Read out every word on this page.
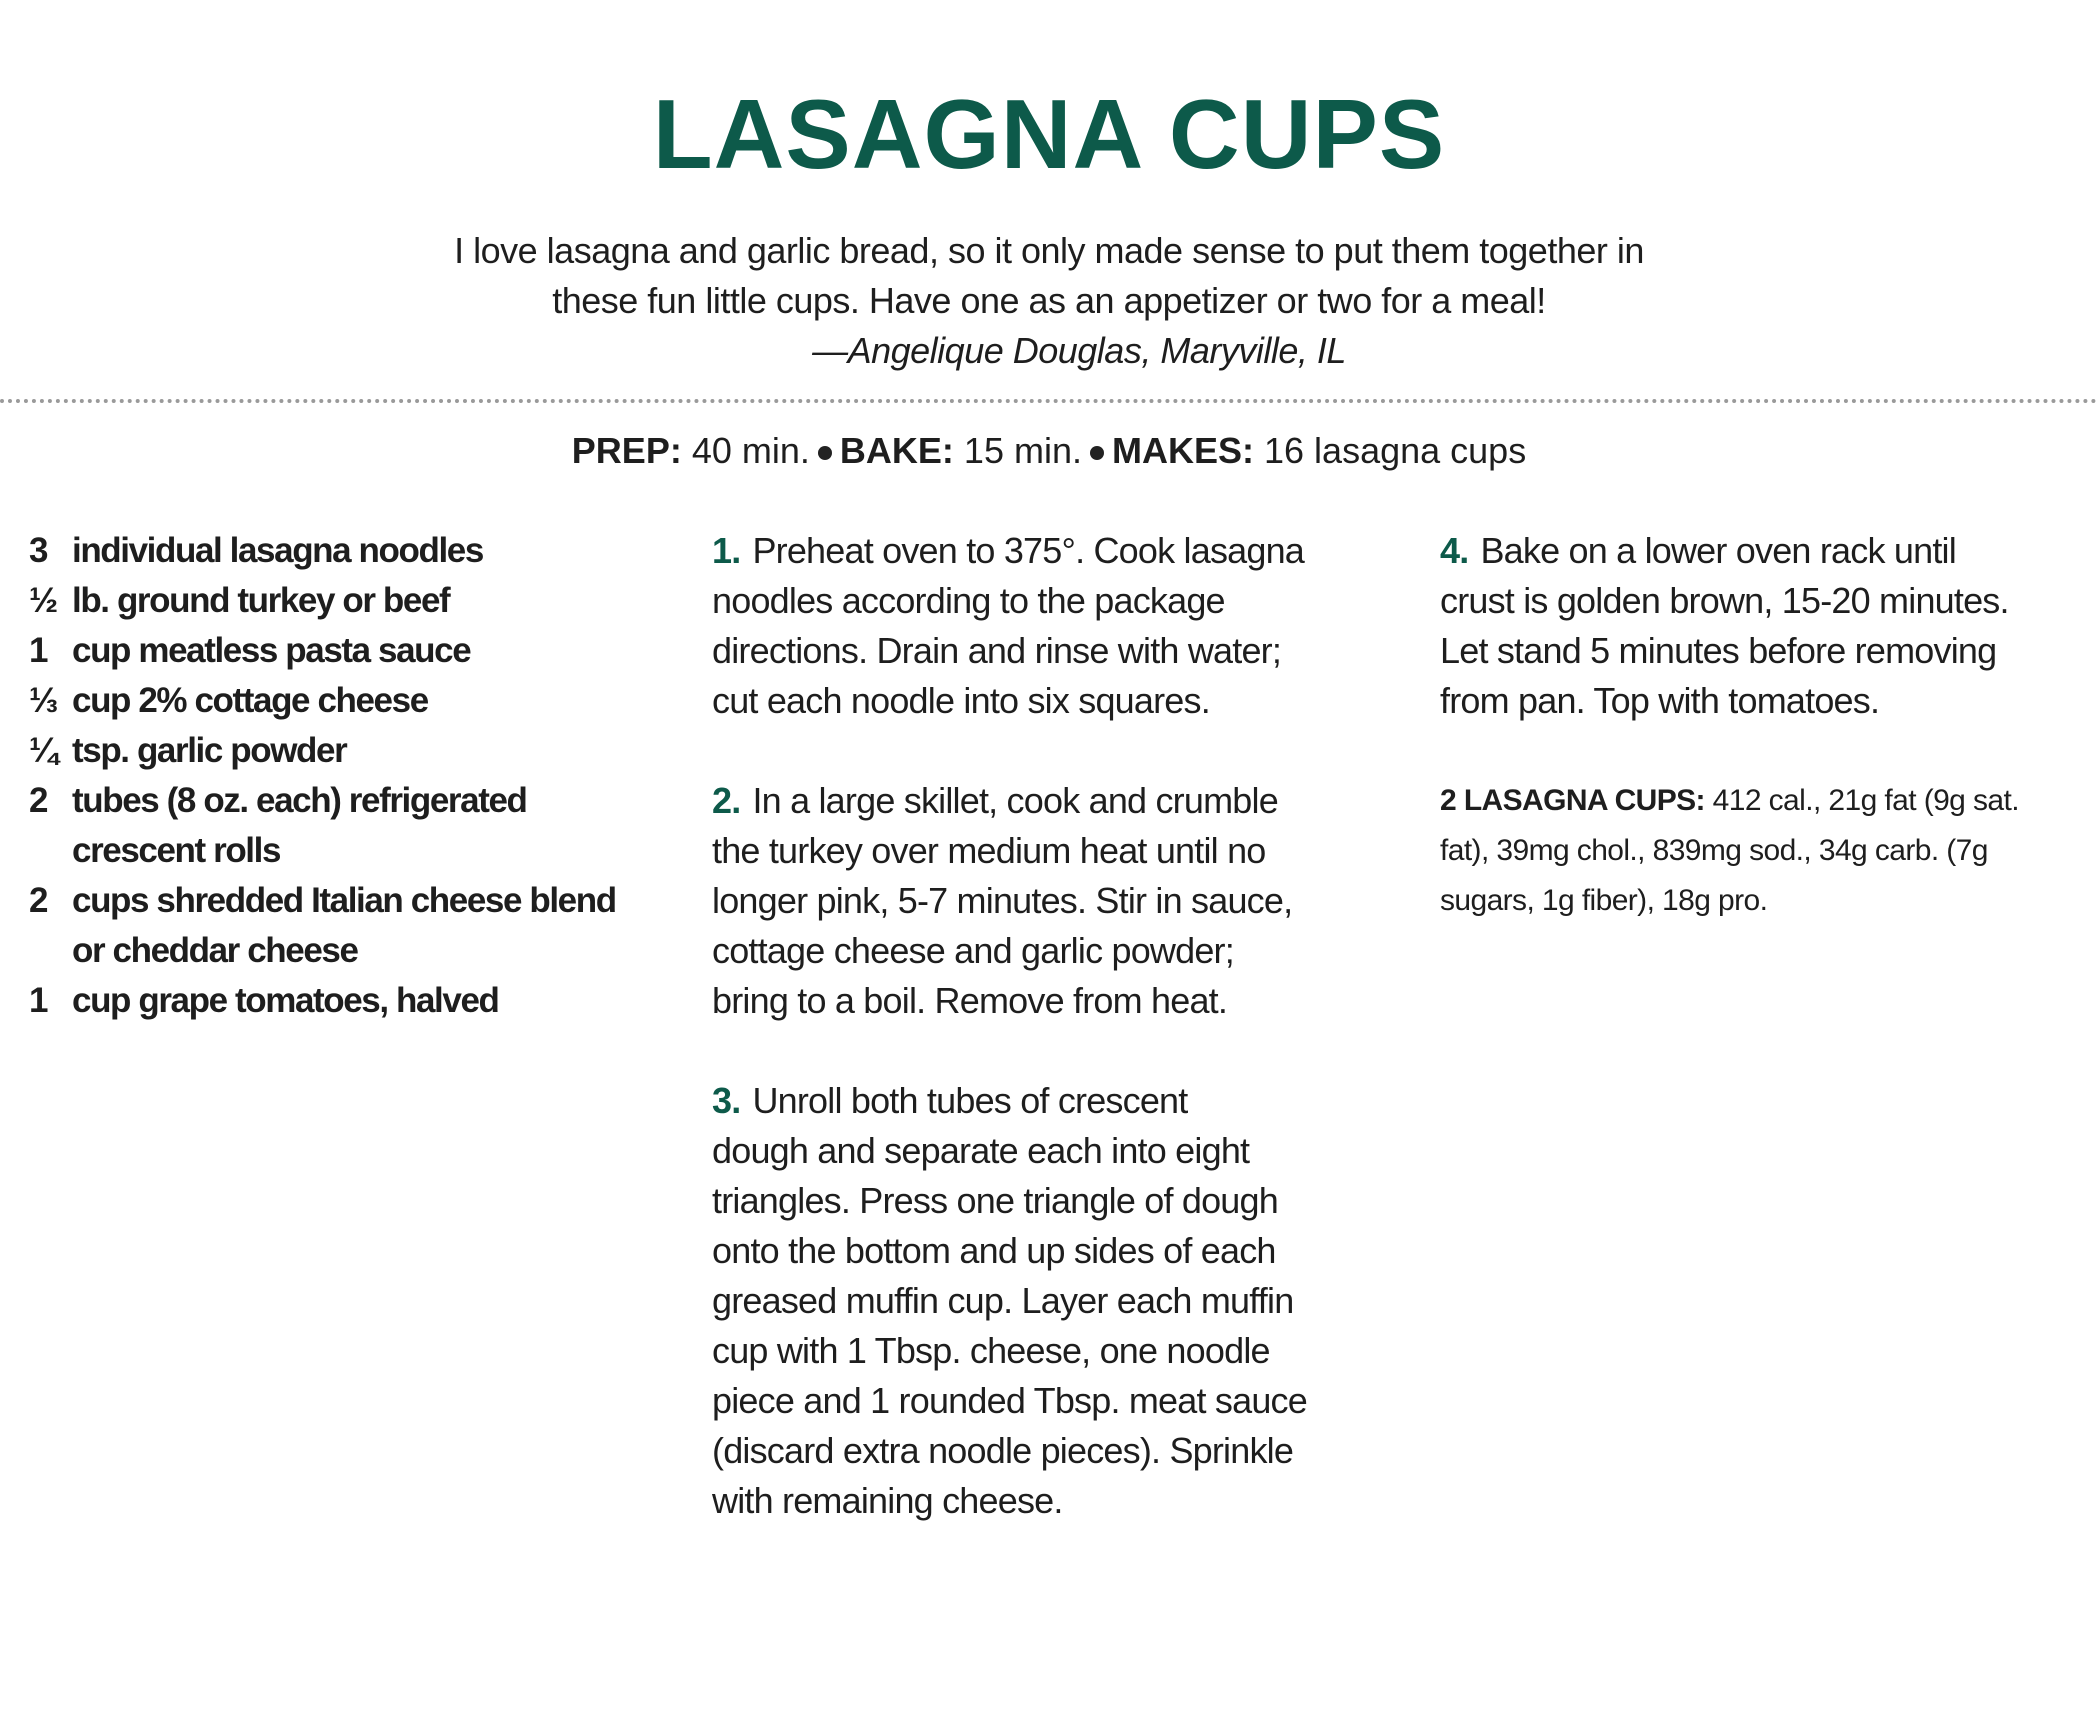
LASAGNA CUPS
I love lasagna and garlic bread, so it only made sense to put them together in
these fun little cups. Have one as an appetizer or two for a meal!
—Angelique Douglas, Maryville, IL
PREP: 40 min. BAKE: 15 min. MAKES: 16 lasagna cups
3 individual lasagna noodles
½ lb. ground turkey or beef
1 cup meatless pasta sauce
⅓ cup 2% cottage cheese
¼ tsp. garlic powder
2 tubes (8 oz. each) refrigerated
crescent rolls
2 cups shredded Italian cheese blend
or cheddar cheese
1 cup grape tomatoes, halved
1. Preheat oven to 375°. Cook lasagna
noodles according to the package
directions. Drain and rinse with water;
cut each noodle into six squares.
2. In a large skillet, cook and crumble
the turkey over medium heat until no
longer pink, 5-7 minutes. Stir in sauce,
cottage cheese and garlic powder;
bring to a boil. Remove from heat.
3. Unroll both tubes of crescent
dough and separate each into eight
triangles. Press one triangle of dough
onto the bottom and up sides of each
greased muffin cup. Layer each muffin
cup with 1 Tbsp. cheese, one noodle
piece and 1 rounded Tbsp. meat sauce
(discard extra noodle pieces). Sprinkle
with remaining cheese.
4. Bake on a lower oven rack until
crust is golden brown, 15-20 minutes.
Let stand 5 minutes before removing
from pan. Top with tomatoes.
2 LASAGNA CUPS: 412 cal., 21g fat (9g sat.
fat), 39mg chol., 839mg sod., 34g carb. (7g
sugars, 1g fiber), 18g pro.
